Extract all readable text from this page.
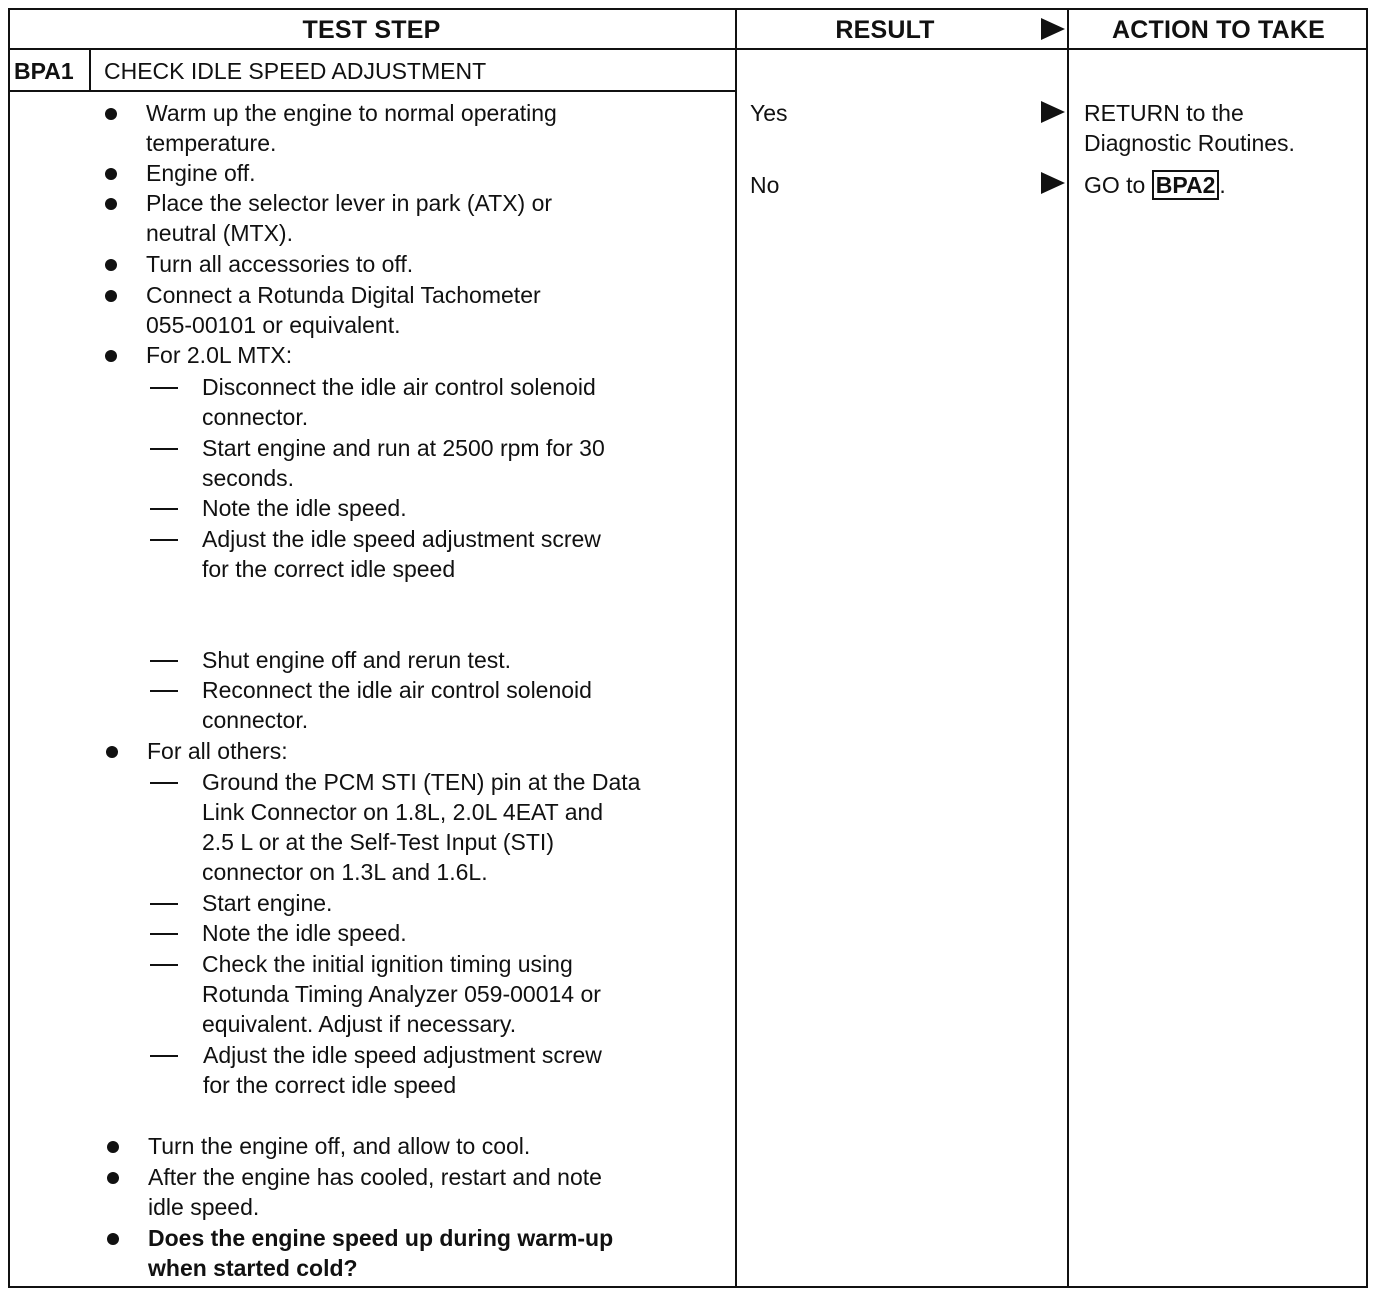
TEST STEP	RESULT	ACTION TO TAKE
BPA1 CHECK IDLE SPEED ADJUSTMENT
Warm up the engine to normal operating
temperature.
Engine off.
Place the selector lever in park (ATX) or
neutral (MTX).
Turn all accessories to off.
Connect a Rotunda Digital Tachometer
055-00101 or equivalent.
For 2.0L MTX:
Disconnect the idle air control solenoid
connector.
Start engine and run at 2500 rpm for 30
seconds.
Note the idle speed.
Adjust the idle speed adjustment screw
for the correct idle speed
Shut engine off and rerun test.
Reconnect the idle air control solenoid
connector.
For all others:
Ground the PCM STI (TEN) pin at the Data
Link Connector on 1.8L, 2.0L 4EAT and
2.5 L or at the Self-Test Input (STI)
connector on 1.3L and 1.6L.
Start engine.
Note the idle speed.
Check the initial ignition timing using
Rotunda Timing Analyzer 059-00014 or
equivalent. Adjust if necessary.
Adjust the idle speed adjustment screw
for the correct idle speed
Turn the engine off, and allow to cool.
After the engine has cooled, restart and note
idle speed.
Does the engine speed up during warm-up
when started cold?
Yes
No
RETURN to the
Diagnostic Routines.
GO to BPA2 .
